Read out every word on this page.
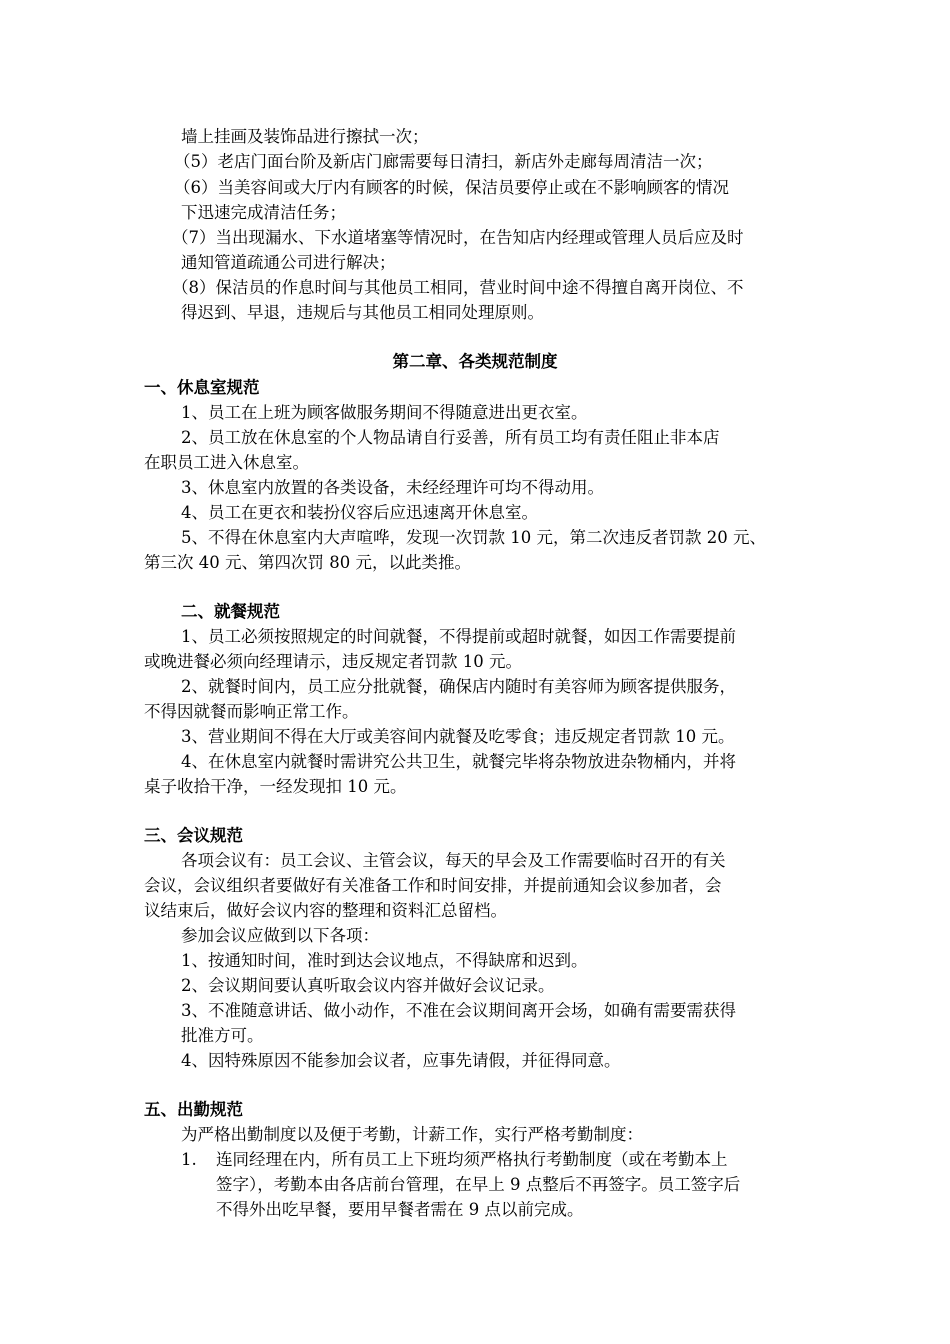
墙上挂画及装饰品进行擦拭一次；
（5）老店门面台阶及新店门廊需要每日清扫，新店外走廊每周清洁一次；
（6）当美容间或大厅内有顾客的时候，保洁员要停止或在不影响顾客的情况
下迅速完成清洁任务；
（7）当出现漏水、下水道堵塞等情况时，在告知店内经理或管理人员后应及时
通知管道疏通公司进行解决；
（8）保洁员的作息时间与其他员工相同，营业时间中途不得擅自离开岗位、不
得迟到、早退，违规后与其他员工相同处理原则。
第二章、各类规范制度
一、休息室规范
1、员工在上班为顾客做服务期间不得随意进出更衣室。
2、员工放在休息室的个人物品请自行妥善，所有员工均有责任阻止非本店
在职员工进入休息室。
3、休息室内放置的各类设备，未经经理许可均不得动用。
4、员工在更衣和装扮仪容后应迅速离开休息室。
5、不得在休息室内大声喧哗，发现一次罚款 10 元，第二次违反者罚款 20 元、
第三次 40 元、第四次罚 80 元，以此类推。
二、就餐规范
1、员工必须按照规定的时间就餐，不得提前或超时就餐，如因工作需要提前
或晚进餐必须向经理请示，违反规定者罚款 10 元。
2、就餐时间内，员工应分批就餐，确保店内随时有美容师为顾客提供服务，
不得因就餐而影响正常工作。
3、营业期间不得在大厅或美容间内就餐及吃零食；违反规定者罚款 10 元。
4、在休息室内就餐时需讲究公共卫生，就餐完毕将杂物放进杂物桶内，并将
桌子收拾干净，一经发现扣 10 元。
三、会议规范
各项会议有：员工会议、主管会议，每天的早会及工作需要临时召开的有关
会议，会议组织者要做好有关准备工作和时间安排，并提前通知会议参加者，会
议结束后，做好会议内容的整理和资料汇总留档。
参加会议应做到以下各项：
1、按通知时间，准时到达会议地点，不得缺席和迟到。
2、会议期间要认真听取会议内容并做好会议记录。
3、不准随意讲话、做小动作，不准在会议期间离开会场，如确有需要需获得
批准方可。
4、因特殊原因不能参加会议者，应事先请假，并征得同意。
五、出勤规范
为严格出勤制度以及便于考勤，计薪工作，实行严格考勤制度：
1. 连同经理在内，所有员工上下班均须严格执行考勤制度（或在考勤本上
签字），考勤本由各店前台管理，在早上 9 点整后不再签字。员工签字后
不得外出吃早餐，要用早餐者需在 9 点以前完成。
